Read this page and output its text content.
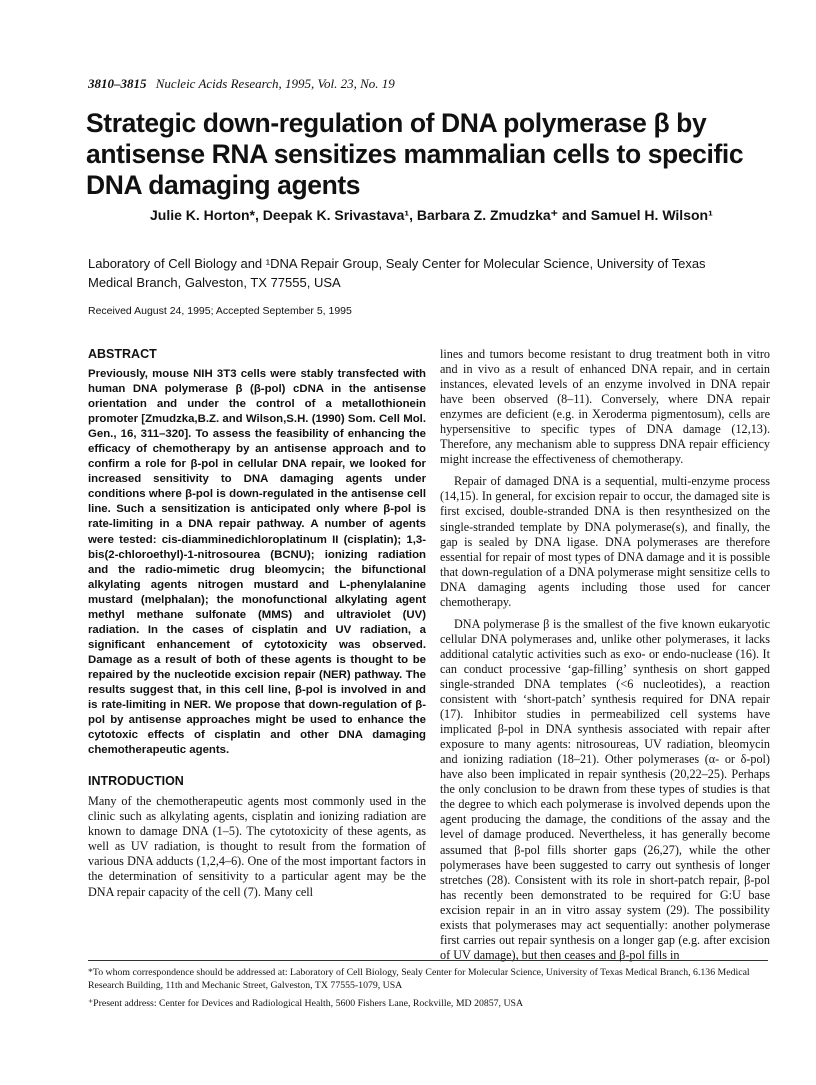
3810–3815 Nucleic Acids Research, 1995, Vol. 23, No. 19
Strategic down-regulation of DNA polymerase β by antisense RNA sensitizes mammalian cells to specific DNA damaging agents
Julie K. Horton*, Deepak K. Srivastava¹, Barbara Z. Zmudzka⁺ and Samuel H. Wilson¹
Laboratory of Cell Biology and ¹DNA Repair Group, Sealy Center for Molecular Science, University of Texas Medical Branch, Galveston, TX 77555, USA
Received August 24, 1995; Accepted September 5, 1995
ABSTRACT

Previously, mouse NIH 3T3 cells were stably transfected with human DNA polymerase β (β-pol) cDNA in the antisense orientation and under the control of a metallothionein promoter [Zmudzka,B.Z. and Wilson,S.H. (1990) Som. Cell Mol. Gen., 16, 311–320]. To assess the feasibility of enhancing the efficacy of chemotherapy by an antisense approach and to confirm a role for β-pol in cellular DNA repair, we looked for increased sensitivity to DNA damaging agents under conditions where β-pol is down-regulated in the antisense cell line. Such a sensitization is anticipated only where β-pol is rate-limiting in a DNA repair pathway. A number of agents were tested: cis-diamminedichloroplatinum II (cisplatin); 1,3-bis(2-chloroethyl)-1-nitrosourea (BCNU); ionizing radiation and the radio-mimetic drug bleomycin; the bifunctional alkylating agents nitrogen mustard and L-phenylalanine mustard (melphalan); the monofunctional alkylating agent methyl methane sulfonate (MMS) and ultraviolet (UV) radiation. In the cases of cisplatin and UV radiation, a significant enhancement of cytotoxicity was observed. Damage as a result of both of these agents is thought to be repaired by the nucleotide excision repair (NER) pathway. The results suggest that, in this cell line, β-pol is involved in and is rate-limiting in NER. We propose that down-regulation of β-pol by antisense approaches might be used to enhance the cytotoxic effects of cisplatin and other DNA damaging chemotherapeutic agents.

INTRODUCTION

Many of the chemotherapeutic agents most commonly used in the clinic such as alkylating agents, cisplatin and ionizing radiation are known to damage DNA (1–5). The cytotoxicity of these agents, as well as UV radiation, is thought to result from the formation of various DNA adducts (1,2,4–6). One of the most important factors in the determination of sensitivity to a particular agent may be the DNA repair capacity of the cell (7). Many cell

lines and tumors become resistant to drug treatment both in vitro and in vivo as a result of enhanced DNA repair, and in certain instances, elevated levels of an enzyme involved in DNA repair have been observed (8–11). Conversely, where DNA repair enzymes are deficient (e.g. in Xeroderma pigmentosum), cells are hypersensitive to specific types of DNA damage (12,13). Therefore, any mechanism able to suppress DNA repair efficiency might increase the effectiveness of chemotherapy.

Repair of damaged DNA is a sequential, multi-enzyme process (14,15). In general, for excision repair to occur, the damaged site is first excised, double-stranded DNA is then resynthesized on the single-stranded template by DNA polymerase(s), and finally, the gap is sealed by DNA ligase. DNA polymerases are therefore essential for repair of most types of DNA damage and it is possible that down-regulation of a DNA polymerase might sensitize cells to DNA damaging agents including those used for cancer chemotherapy.

DNA polymerase β is the smallest of the five known eukaryotic cellular DNA polymerases and, unlike other polymerases, it lacks additional catalytic activities such as exo- or endo-nuclease (16). It can conduct processive ‘gap-filling’ synthesis on short gapped single-stranded DNA templates (<6 nucleotides), a reaction consistent with ‘short-patch’ synthesis required for DNA repair (17). Inhibitor studies in permeabilized cell systems have implicated β-pol in DNA synthesis associated with repair after exposure to many agents: nitrosoureas, UV radiation, bleomycin and ionizing radiation (18–21). Other polymerases (α- or δ-pol) have also been implicated in repair synthesis (20,22–25). Perhaps the only conclusion to be drawn from these types of studies is that the degree to which each polymerase is involved depends upon the agent producing the damage, the conditions of the assay and the level of damage produced. Nevertheless, it has generally become assumed that β-pol fills shorter gaps (26,27), while the other polymerases have been suggested to carry out synthesis of longer stretches (28). Consistent with its role in short-patch repair, β-pol has recently been demonstrated to be required for G:U base excision repair in an in vitro assay system (29). The possibility exists that polymerases may act sequentially: another polymerase first carries out repair synthesis on a longer gap (e.g. after excision of UV damage), but then ceases and β-pol fills in

*To whom correspondence should be addressed at: Laboratory of Cell Biology, Sealy Center for Molecular Science, University of Texas Medical Branch, 6.136 Medical Research Building, 11th and Mechanic Street, Galveston, TX 77555-1079, USA

⁺Present address: Center for Devices and Radiological Health, 5600 Fishers Lane, Rockville, MD 20857, USA
